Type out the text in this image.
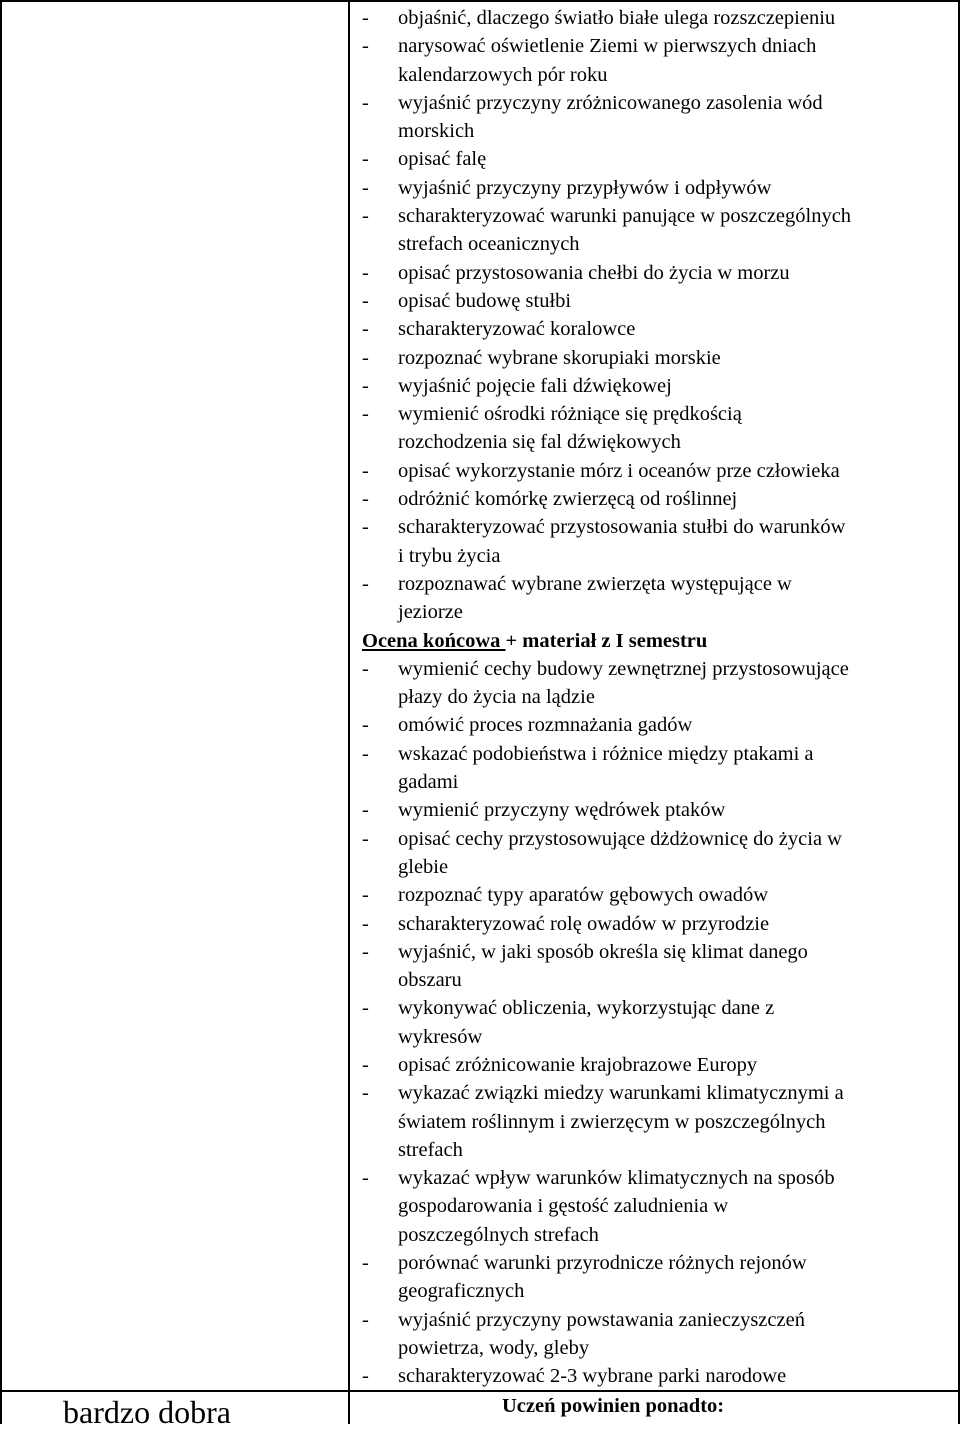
- objaśnić, dlaczego światło białe ulega rozszczepieniu
- narysować oświetlenie Ziemi w pierwszych dniach
kalendarzowych pór roku
- wyjaśnić przyczyny zróżnicowanego zasolenia wód
morskich
- opisać falę
- wyjaśnić przyczyny przypływów i odpływów
- scharakteryzować warunki panujące w poszczególnych
strefach oceanicznych
- opisać przystosowania chełbi do życia w morzu
- opisać budowę stułbi
- scharakteryzować koralowce
- rozpoznać wybrane skorupiaki morskie
- wyjaśnić pojęcie fali dźwiękowej
- wymienić ośrodki różniące się prędkością
rozchodzenia się fal dźwiękowych
- opisać wykorzystanie mórz i oceanów prze człowieka
- odróżnić komórkę zwierzęcą od roślinnej
- scharakteryzować przystosowania stułbi do warunków
i trybu życia
- rozpoznawać wybrane zwierzęta występujące w
jeziorze
Ocena końcowa + materiał z I semestru
- wymienić cechy budowy zewnętrznej przystosowujące
płazy do życia na lądzie
- omówić proces rozmnażania gadów
- wskazać podobieństwa i różnice między ptakami a
gadami
- wymienić przyczyny wędrówek ptaków
- opisać cechy przystosowujące dżdżownicę do życia w
glebie
- rozpoznać typy aparatów gębowych owadów
- scharakteryzować rolę owadów w przyrodzie
- wyjaśnić, w jaki sposób określa się klimat danego
obszaru
- wykonywać obliczenia, wykorzystując dane z
wykresów
- opisać zróżnicowanie krajobrazowe Europy
- wykazać związki miedzy warunkami klimatycznymi a
światem roślinnym i zwierzęcym w poszczególnych
strefach
- wykazać wpływ warunków klimatycznych na sposób
gospodarowania i gęstość zaludnienia w
poszczególnych strefach
- porównać warunki przyrodnicze różnych rejonów
geograficznych
- wyjaśnić przyczyny powstawania zanieczyszczeń
powietrza, wody, gleby
- scharakteryzować 2-3 wybrane parki narodowe
bardzo dobra	Uczeń powinien ponadto:
